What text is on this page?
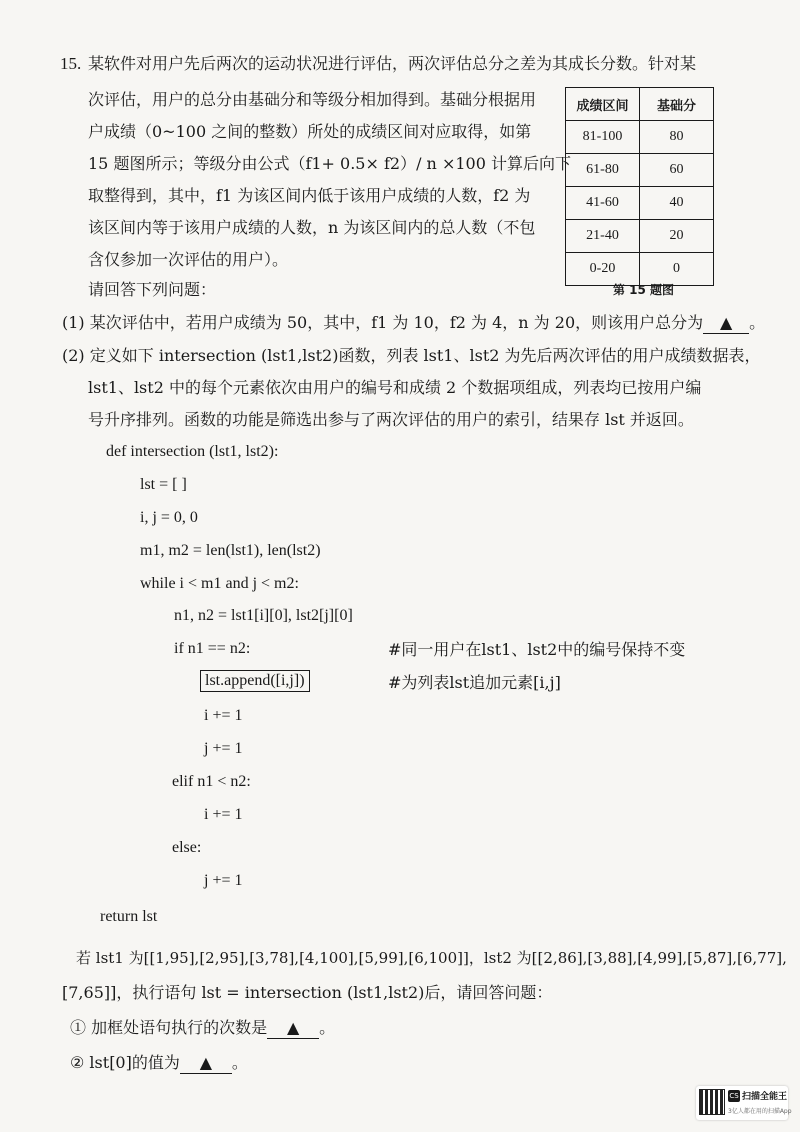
15. 某软件对用户先后两次的运动状况进行评估，两次评估总分之差为其成长分数。针对某
次评估，用户的总分由基础分和等级分相加得到。基础分根据用
户成绩（0~100 之间的整数）所处的成绩区间对应取得，如第
15 题图所示；等级分由公式（f1+ 0.5× f2）/ n ×100 计算后向下
取整得到，其中，f1 为该区间内低于该用户成绩的人数，f2 为
该区间内等于该用户成绩的人数，n 为该区间内的总人数（不包
含仅参加一次评估的用户）。
成绩区间	基础分
81-100	80
61-80	60
41-60	40
21-40	20
0-20	0
第 15 题图
请回答下列问题：
(1) 某次评估中，若用户成绩为 50，其中，f1 为 10，f2 为 4，n 为 20，则该用户总分为 ▲ 。
(2) 定义如下 intersection (lst1,lst2)函数，列表 lst1、lst2 为先后两次评估的用户成绩数据表，
lst1、lst2 中的每个元素依次由用户的编号和成绩 2 个数据项组成，列表均已按用户编
号升序排列。函数的功能是筛选出参与了两次评估的用户的索引，结果存 lst 并返回。
def intersection (lst1, lst2):
lst = [ ]
i, j = 0, 0
m1, m2 = len(lst1), len(lst2)
while i < m1 and j < m2:
n1, n2 = lst1[i][0], lst2[j][0]
if n1 == n2:	#同一用户在lst1、lst2中的编号保持不变
lst.append([i,j])	#为列表lst追加元素[i,j]
i += 1
j += 1
elif n1 < n2:
i += 1
else:
j += 1
return lst
若 lst1 为[[1,95],[2,95],[3,78],[4,100],[5,99],[6,100]]，lst2 为[[2,86],[3,88],[4,99],[5,87],[6,77],
[7,65]]，执行语句 lst = intersection (lst1,lst2)后，请回答问题：
① 加框处语句执行的次数是 ▲ 。
② lst[0]的值为 ▲ 。
CS 扫描全能王
3亿人都在用的扫描App
